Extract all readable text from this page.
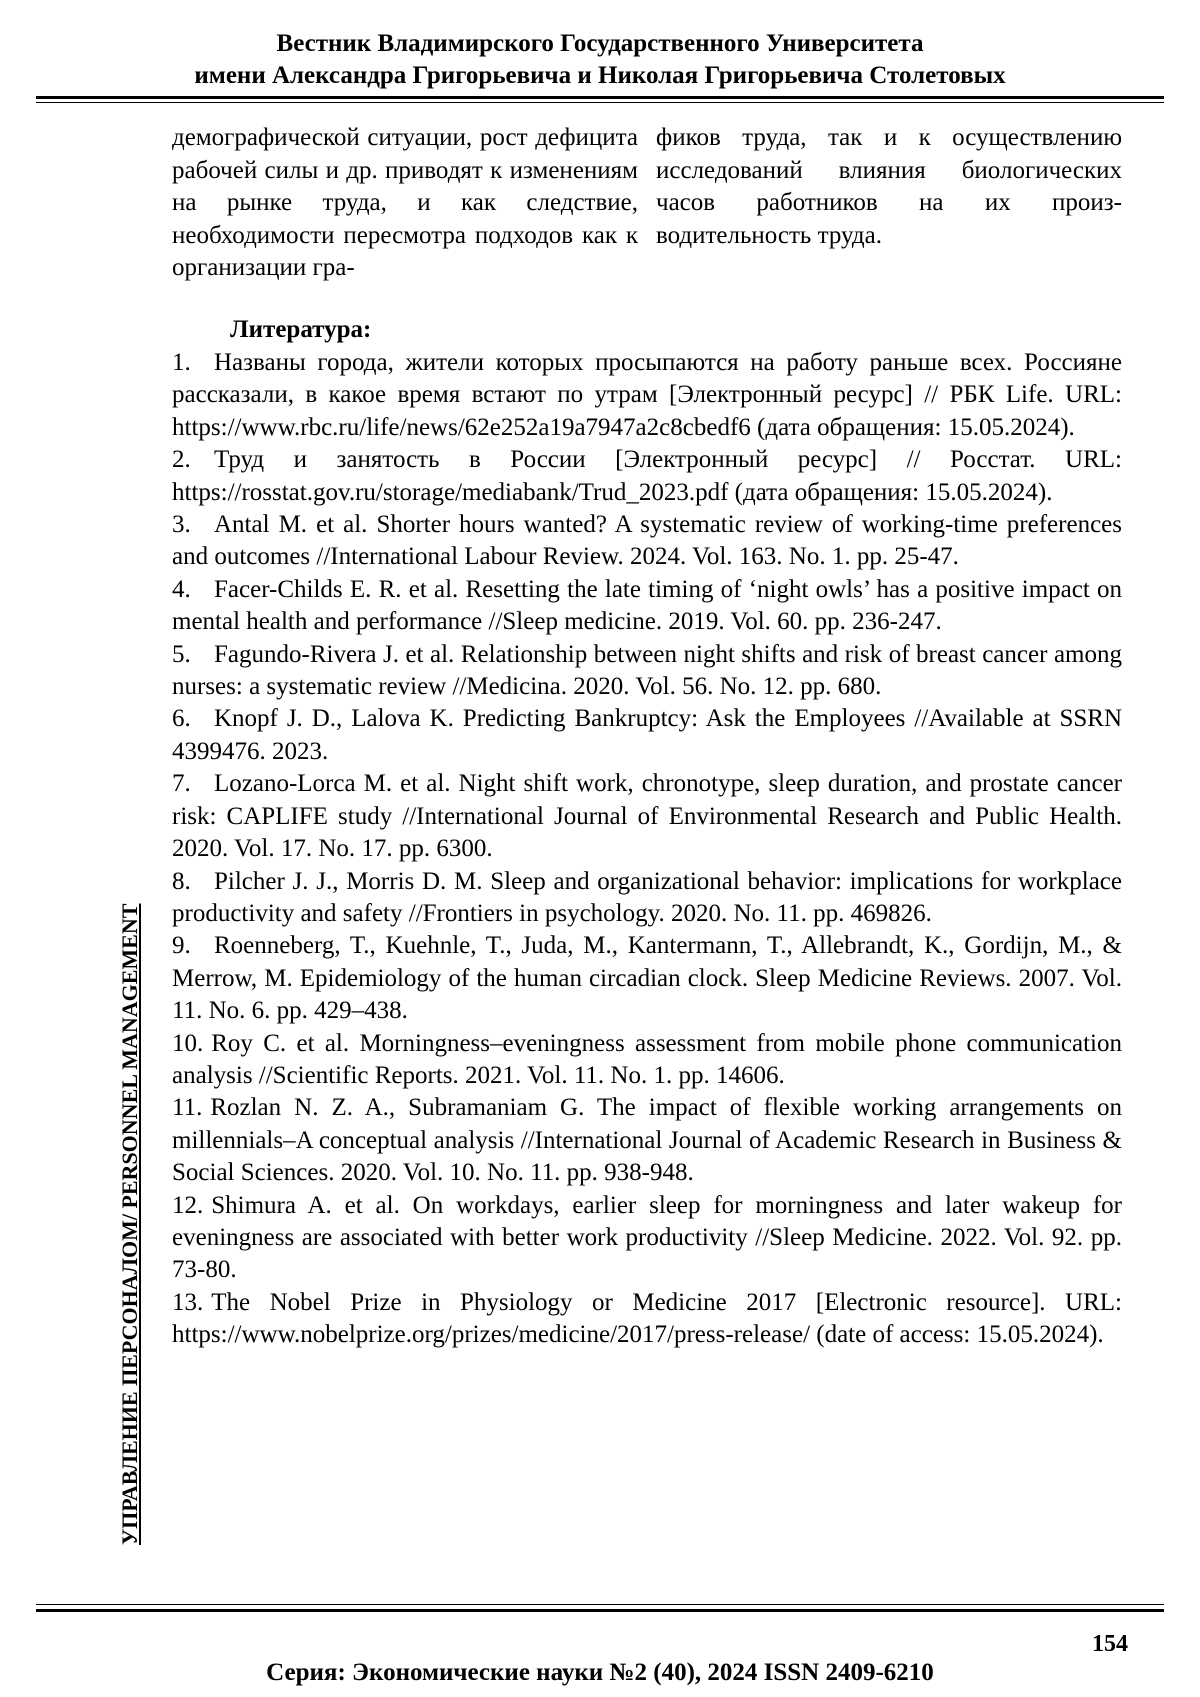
Вестник Владимирского Государственного Университета
имени Александра Григорьевича и Николая Григорьевича Столетовых
демографической ситуации, рост дефицита рабочей силы и др. приводят к изменениям на рынке труда, и как следствие, необходимости пересмотра подходов как к организации гра-
фиков труда, так и к осуществлению исследований влияния биологических часов работников на их производительность труда.
Литература:

1. Названы города, жители которых просыпаются на работу раньше всех. Россияне рассказали, в какое время встают по утрам [Электронный ресурс] // РБК Life. URL: https://www.rbc.ru/life/news/62e252a19a7947a2c8cbedf6 (дата обращения: 15.05.2024).

2. Труд и занятость в России [Электронный ресурс] // Росстат. URL: https://rosstat.gov.ru/storage/mediabank/Trud_2023.pdf (дата обращения: 15.05.2024).

3. Antal M. et al. Shorter hours wanted? A systematic review of working-time preferences and outcomes //International Labour Review. 2024. Vol. 163. No. 1. pp. 25-47.

4. Facer-Childs E. R. et al. Resetting the late timing of ‘night owls’ has a positive impact on mental health and performance //Sleep medicine. 2019. Vol. 60. pp. 236-247.

5. Fagundo-Rivera J. et al. Relationship between night shifts and risk of breast cancer among nurses: a systematic review //Medicina. 2020. Vol. 56. No. 12. pp. 680.

6. Knopf J. D., Lalova K. Predicting Bankruptcy: Ask the Employees //Available at SSRN 4399476. 2023.

7. Lozano-Lorca M. et al. Night shift work, chronotype, sleep duration, and prostate cancer risk: CAPLIFE study //International Journal of Environmental Research and Public Health. 2020. Vol. 17. No. 17. pp. 6300.

8. Pilcher J. J., Morris D. M. Sleep and organizational behavior: implications for workplace productivity and safety //Frontiers in psychology. 2020. No. 11. pp. 469826.

9. Roenneberg, T., Kuehnle, T., Juda, M., Kantermann, T., Allebrandt, K., Gordijn, M., & Merrow, M. Epidemiology of the human circadian clock. Sleep Medicine Reviews. 2007. Vol. 11. No. 6. pp. 429–438.

10. Roy C. et al. Morningness–eveningness assessment from mobile phone communication analysis //Scientific Reports. 2021. Vol. 11. No. 1. pp. 14606.

11. Rozlan N. Z. A., Subramaniam G. The impact of flexible working arrangements on millennials–A conceptual analysis //International Journal of Academic Research in Business & Social Sciences. 2020. Vol. 10. No. 11. pp. 938-948.

12. Shimura A. et al. On workdays, earlier sleep for morningness and later wakeup for eveningness are associated with better work productivity //Sleep Medicine. 2022. Vol. 92. pp. 73-80.

13. The Nobel Prize in Physiology or Medicine 2017 [Electronic resource]. URL: https://www.nobelprize.org/prizes/medicine/2017/press-release/ (date of access: 15.05.2024).

УПРАВЛЕНИЕ ПЕРСОНАЛОМ/ PERSONNEL MANAGEMENT
154
Серия: Экономические науки №2 (40), 2024 ISSN 2409-6210
